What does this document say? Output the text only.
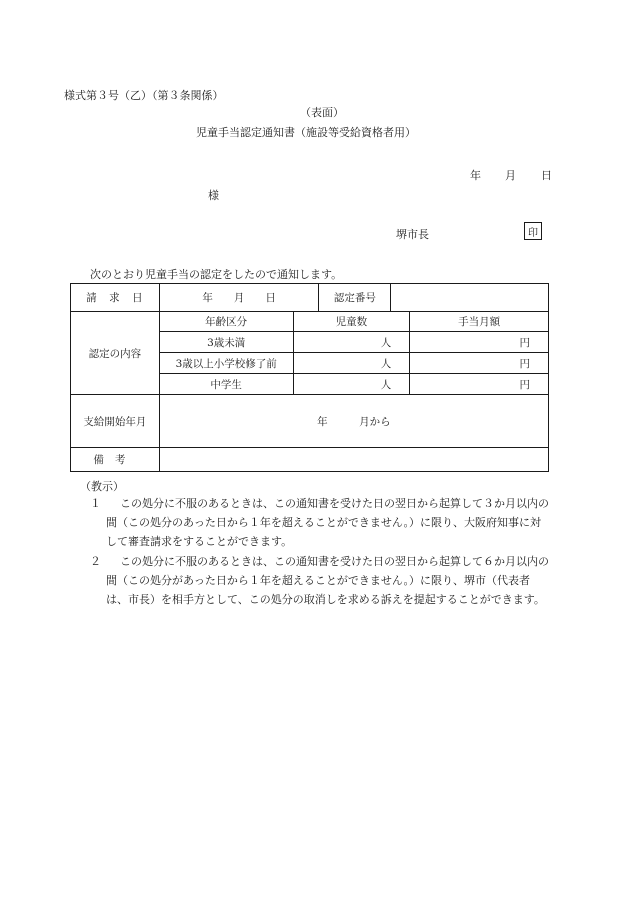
様式第３号（乙）（第３条関係）
（表面）
児童手当認定通知書（施設等受給資格者用）
年 月 日
様
堺市長	印
次のとおり児童手当の認定をしたので通知します。
請　求　日	年　　月　　日		認定番号		
認定の内容	年齢区分	児童数			手当月額
	3歳未満	人			円
	3歳以上小学校修了前	人			円
	中学生	人			円
支給開始年月	年　　　月から				
備考					
（教示）
１	この処分に不服のあるときは、この通知書を受けた日の翌日から起算して３か月以内の間（この処分のあった日から１年を超えることができません。）に限り、大阪府知事に対して審査請求をすることができます。
２	この処分に不服のあるときは、この通知書を受けた日の翌日から起算して６か月以内の間（この処分があった日から１年を超えることができません。）に限り、堺市（代表者は、市長）を相手方として、この処分の取消しを求める訴えを提起することができます。
